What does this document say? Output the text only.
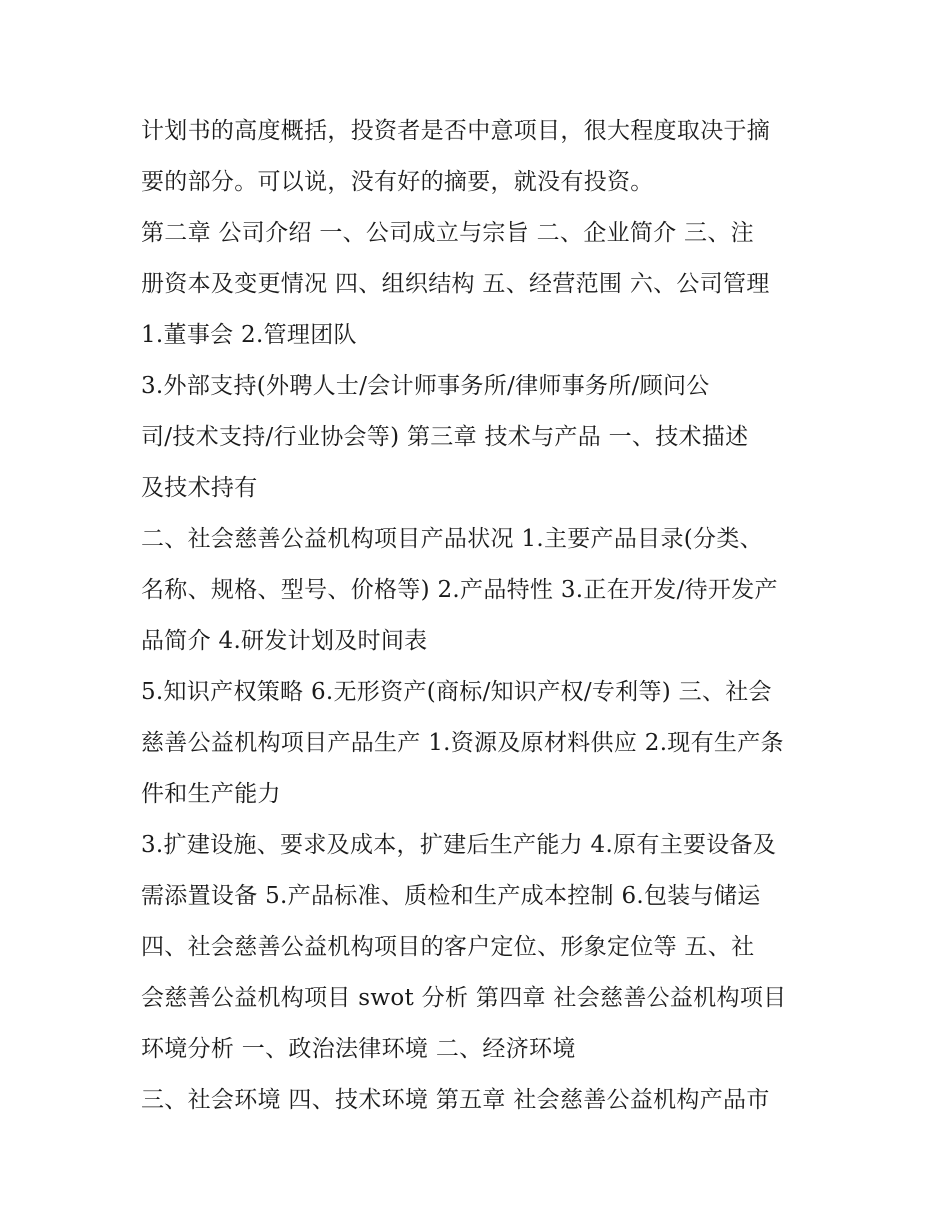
计划书的高度概括，投资者是否中意项目，很大程度取决于摘
要的部分。可以说，没有好的摘要，就没有投资。
第二章 公司介绍 一、公司成立与宗旨 二、企业简介 三、注
册资本及变更情况 四、组织结构 五、经营范围 六、公司管理
1.董事会 2.管理团队
3.外部支持(外聘人士/会计师事务所/律师事务所/顾问公
司/技术支持/行业协会等) 第三章 技术与产品 一、技术描述
及技术持有
二、社会慈善公益机构项目产品状况 1.主要产品目录(分类、
名称、规格、型号、价格等) 2.产品特性 3.正在开发/待开发产
品简介 4.研发计划及时间表
5.知识产权策略 6.无形资产(商标/知识产权/专利等) 三、社会
慈善公益机构项目产品生产 1.资源及原材料供应 2.现有生产条
件和生产能力
3.扩建设施、要求及成本，扩建后生产能力 4.原有主要设备及
需添置设备 5.产品标准、质检和生产成本控制 6.包装与储运
四、社会慈善公益机构项目的客户定位、形象定位等 五、社
会慈善公益机构项目 swot 分析 第四章 社会慈善公益机构项目
环境分析 一、政治法律环境 二、经济环境
三、社会环境 四、技术环境 第五章 社会慈善公益机构产品市
